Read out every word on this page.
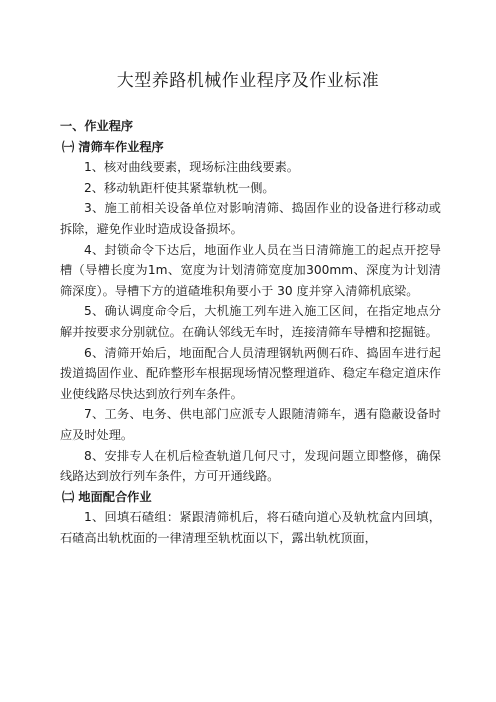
大型养路机械作业程序及作业标准

一、作业程序

㈠ 清筛车作业程序

1、核对曲线要素，现场标注曲线要素。

2、移动轨距杆使其紧靠轨枕一侧。

3、施工前相关设备单位对影响清筛、捣固作业的设备进行移动或拆除，避免作业时造成设备损坏。

4、封锁命令下达后，地面作业人员在当日清筛施工的起点开挖导槽（导槽长度为1m、宽度为计划清筛宽度加300mm、深度为计划清筛深度）。导槽下方的道碴堆积角要小于 30 度并穿入清筛机底梁。

5、确认调度命令后，大机施工列车进入施工区间，在指定地点分解并按要求分别就位。在确认邻线无车时，连接清筛车导槽和挖掘链。

6、清筛开始后，地面配合人员清理钢轨两侧石砟、捣固车进行起拨道捣固作业、配砟整形车根据现场情况整理道砟、稳定车稳定道床作业使线路尽快达到放行列车条件。

7、工务、电务、供电部门应派专人跟随清筛车，遇有隐蔽设备时应及时处理。

8、安排专人在机后检查轨道几何尺寸，发现问题立即整修，确保线路达到放行列车条件，方可开通线路。

㈡ 地面配合作业

1、回填石碴组：紧跟清筛机后，将石碴向道心及轨枕盒内回填，石碴高出轨枕面的一律清理至轨枕面以下，露出轨枕顶面，
